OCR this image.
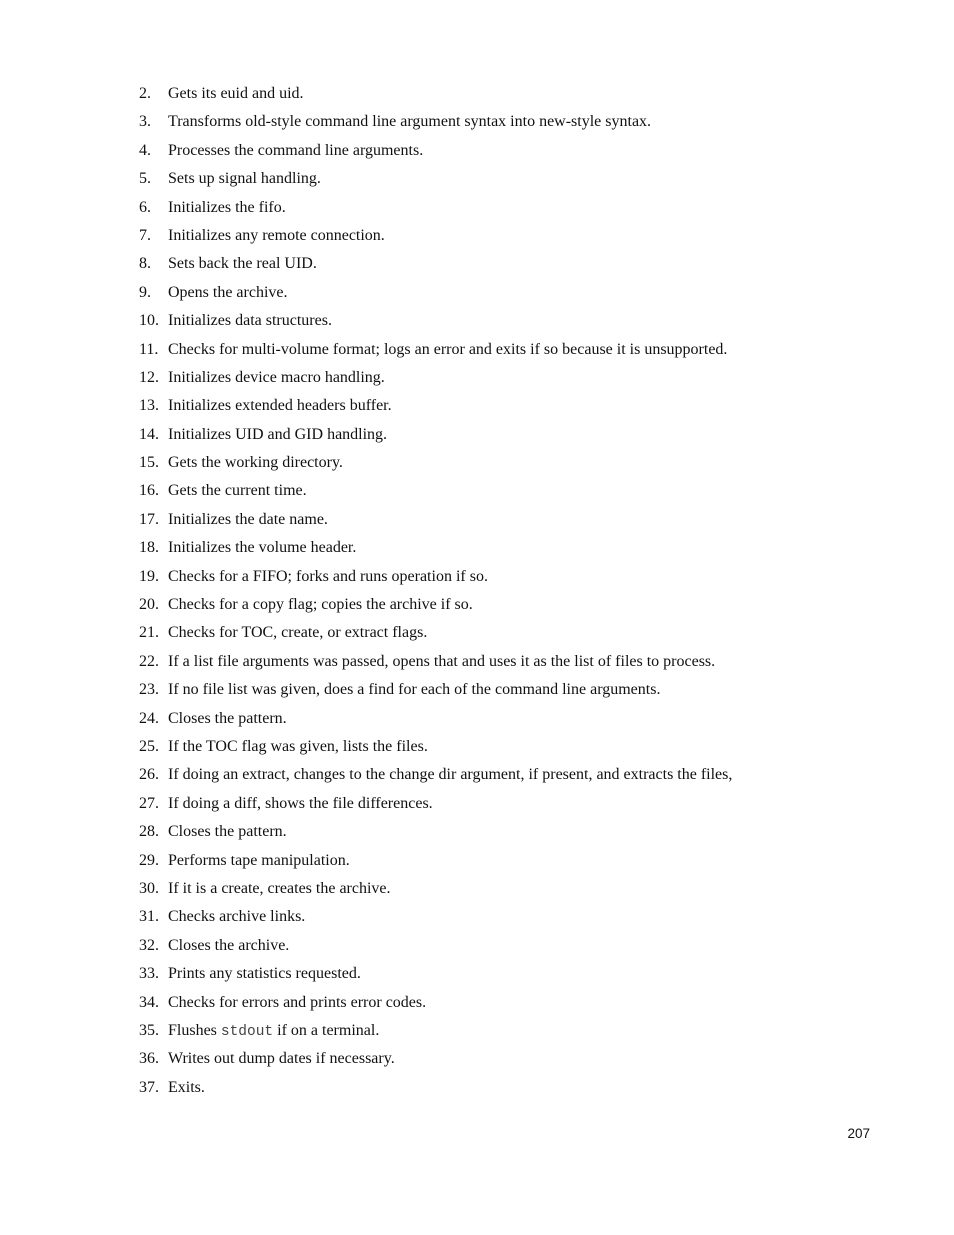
2.	Gets its euid and uid.
3.	Transforms old-style command line argument syntax into new-style syntax.
4.	Processes the command line arguments.
5.	Sets up signal handling.
6.	Initializes the fifo.
7.	Initializes any remote connection.
8.	Sets back the real UID.
9.	Opens the archive.
10. Initializes data structures.
11. Checks for multi-volume format; logs an error and exits if so because it is unsupported.
12. Initializes device macro handling.
13. Initializes extended headers buffer.
14. Initializes UID and GID handling.
15. Gets the working directory.
16. Gets the current time.
17. Initializes the date name.
18. Initializes the volume header.
19. Checks for a FIFO; forks and runs operation if so.
20. Checks for a copy flag; copies the archive if so.
21. Checks for TOC, create, or extract flags.
22. If a list file arguments was passed, opens that and uses it as the list of files to process.
23. If no file list was given, does a find for each of the command line arguments.
24. Closes the pattern.
25. If the TOC flag was given, lists the files.
26. If doing an extract, changes to the change dir argument, if present, and extracts the files,
27. If doing a diff, shows the file differences.
28. Closes the pattern.
29. Performs tape manipulation.
30. If it is a create, creates the archive.
31. Checks archive links.
32. Closes the archive.
33. Prints any statistics requested.
34. Checks for errors and prints error codes.
35. Flushes stdout if on a terminal.
36. Writes out dump dates if necessary.
37. Exits.
207
